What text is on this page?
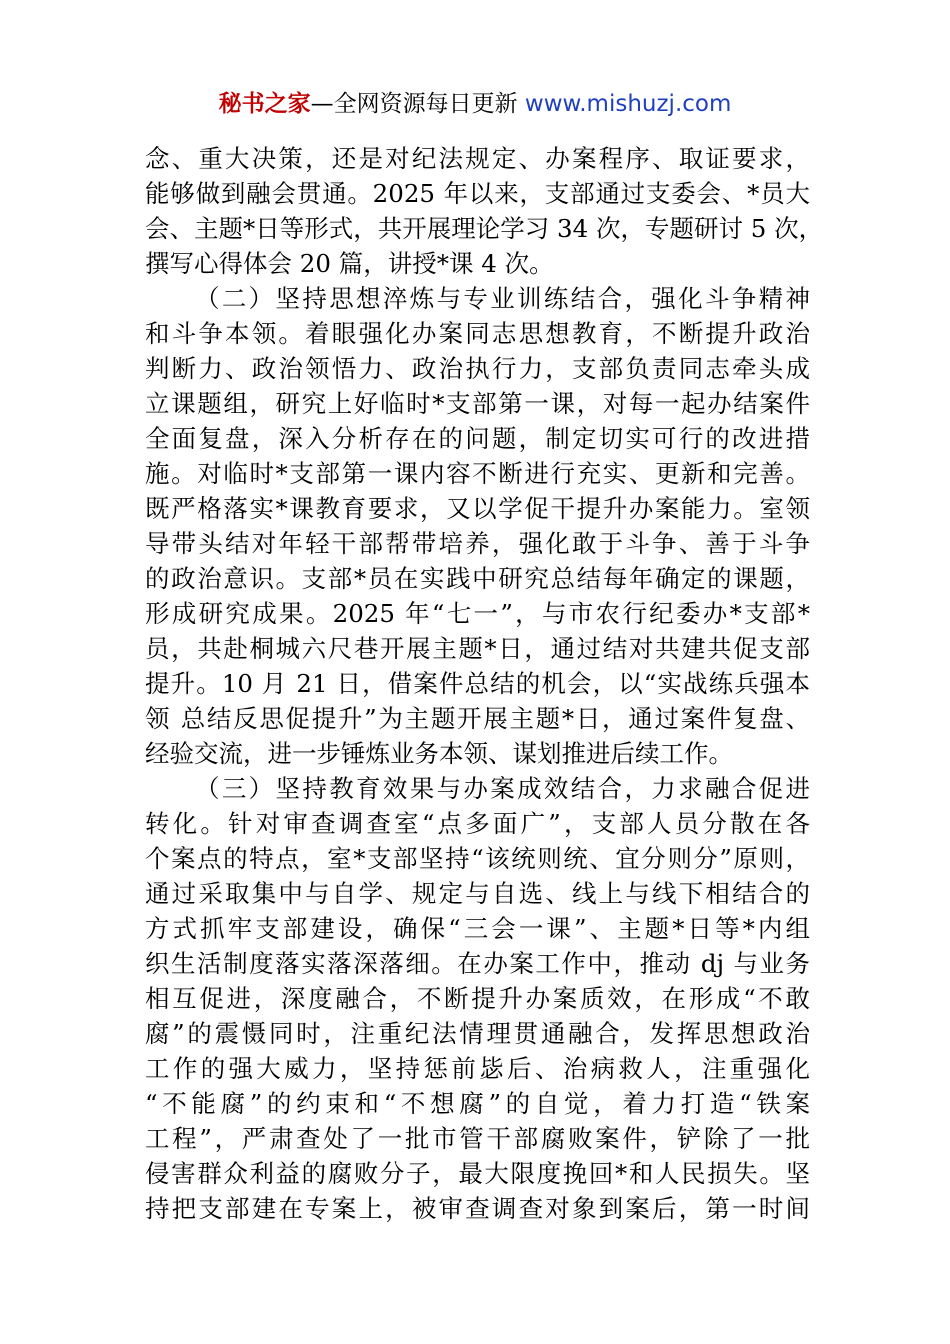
秘书之家—全网资源每日更新 www.mishuzj.com
念、重大决策，还是对纪法规定、办案程序、取证要求，
能够做到融会贯通。2025 年以来，支部通过支委会、*员大
会、主题*日等形式，共开展理论学习 34 次，专题研讨 5 次，
撰写心得体会 20 篇，讲授*课 4 次。
（二）坚持思想淬炼与专业训练结合，强化斗争精神
和斗争本领。着眼强化办案同志思想教育，不断提升政治
判断力、政治领悟力、政治执行力，支部负责同志牵头成
立课题组，研究上好临时*支部第一课，对每一起办结案件
全面复盘，深入分析存在的问题，制定切实可行的改进措
施。对临时*支部第一课内容不断进行充实、更新和完善。
既严格落实*课教育要求，又以学促干提升办案能力。室领
导带头结对年轻干部帮带培养，强化敢于斗争、善于斗争
的政治意识。支部*员在实践中研究总结每年确定的课题，
形成研究成果。2025 年“七一”，与市农行纪委办*支部*
员，共赴桐城六尺巷开展主题*日，通过结对共建共促支部
提升。10 月 21 日，借案件总结的机会，以“实战练兵强本
领 总结反思促提升”为主题开展主题*日，通过案件复盘、
经验交流，进一步锤炼业务本领、谋划推进后续工作。
（三）坚持教育效果与办案成效结合，力求融合促进
转化。针对审查调查室“点多面广”，支部人员分散在各
个案点的特点，室*支部坚持“该统则统、宜分则分”原则，
通过采取集中与自学、规定与自选、线上与线下相结合的
方式抓牢支部建设，确保“三会一课”、主题*日等*内组
织生活制度落实落深落细。在办案工作中，推动 dj 与业务
相互促进，深度融合，不断提升办案质效，在形成“不敢
腐”的震慑同时，注重纪法情理贯通融合，发挥思想政治
工作的强大威力，坚持惩前毖后、治病救人，注重强化
“不能腐”的约束和“不想腐”的自觉，着力打造“铁案
工程”，严肃查处了一批市管干部腐败案件，铲除了一批
侵害群众利益的腐败分子，最大限度挽回*和人民损失。坚
持把支部建在专案上，被审查调查对象到案后，第一时间
